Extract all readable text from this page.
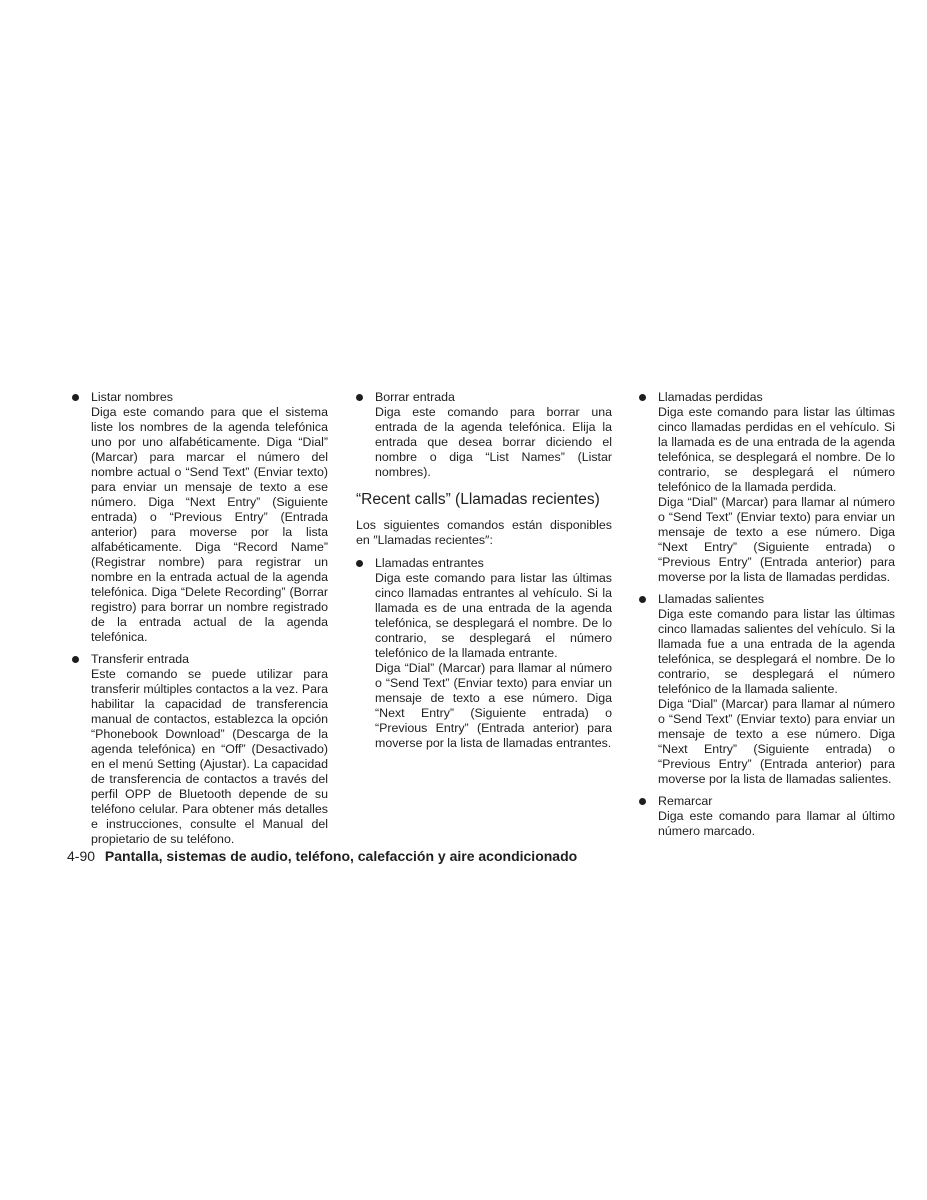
Listar nombres
Diga este comando para que el sistema liste los nombres de la agenda telefónica uno por uno alfabéticamente. Diga “Dial” (Marcar) para marcar el número del nombre actual o “Send Text” (Enviar texto) para enviar un mensaje de texto a ese número. Diga “Next Entry” (Siguiente entrada) o “Previous Entry” (Entrada anterior) para moverse por la lista alfabéticamente. Diga “Record Name” (Registrar nombre) para registrar un nombre en la entrada actual de la agenda telefónica. Diga “Delete Recording” (Borrar registro) para borrar un nombre registrado de la entrada actual de la agenda telefónica.
Transferir entrada
Este comando se puede utilizar para transferir múltiples contactos a la vez. Para habilitar la capacidad de transferencia manual de contactos, establezca la opción “Phonebook Download” (Descarga de la agenda telefónica) en “Off” (Desactivado) en el menú Setting (Ajustar). La capacidad de transferencia de contactos a través del perfil OPP de Bluetooth depende de su teléfono celular. Para obtener más detalles e instrucciones, consulte el Manual del propietario de su teléfono.
Borrar entrada
Diga este comando para borrar una entrada de la agenda telefónica. Elija la entrada que desea borrar diciendo el nombre o diga “List Names” (Listar nombres).
“Recent calls” (Llamadas recientes)
Los siguientes comandos están disponibles en ″Llamadas recientes″:
Llamadas entrantes
Diga este comando para listar las últimas cinco llamadas entrantes al vehículo. Si la llamada es de una entrada de la agenda telefónica, se desplegará el nombre. De lo contrario, se desplegará el número telefónico de la llamada entrante.
Diga “Dial” (Marcar) para llamar al número o “Send Text” (Enviar texto) para enviar un mensaje de texto a ese número. Diga “Next Entry” (Siguiente entrada) o “Previous Entry” (Entrada anterior) para moverse por la lista de llamadas entrantes.
Llamadas perdidas
Diga este comando para listar las últimas cinco llamadas perdidas en el vehículo. Si la llamada es de una entrada de la agenda telefónica, se desplegará el nombre. De lo contrario, se desplegará el número telefónico de la llamada perdida.
Diga “Dial” (Marcar) para llamar al número o “Send Text” (Enviar texto) para enviar un mensaje de texto a ese número. Diga “Next Entry” (Siguiente entrada) o “Previous Entry” (Entrada anterior) para moverse por la lista de llamadas perdidas.
Llamadas salientes
Diga este comando para listar las últimas cinco llamadas salientes del vehículo. Si la llamada fue a una entrada de la agenda telefónica, se desplegará el nombre. De lo contrario, se desplegará el número telefónico de la llamada saliente.
Diga “Dial” (Marcar) para llamar al número o “Send Text” (Enviar texto) para enviar un mensaje de texto a ese número. Diga “Next Entry” (Siguiente entrada) o “Previous Entry” (Entrada anterior) para moverse por la lista de llamadas salientes.
Remarcar
Diga este comando para llamar al último número marcado.
4-90 Pantalla, sistemas de audio, teléfono, calefacción y aire acondicionado
